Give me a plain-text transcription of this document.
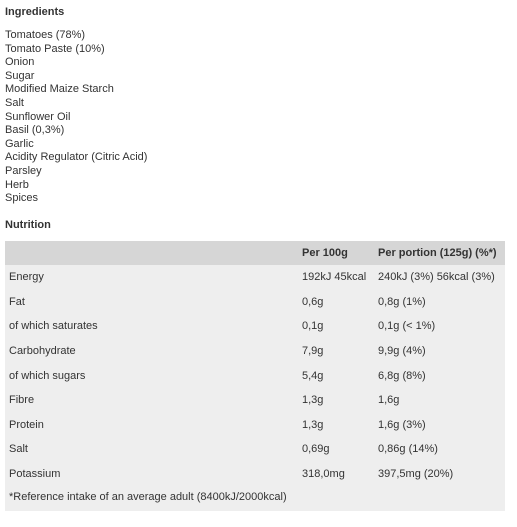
Ingredients
Tomatoes (78%)
Tomato Paste (10%)
Onion
Sugar
Modified Maize Starch
Salt
Sunflower Oil
Basil (0,3%)
Garlic
Acidity Regulator (Citric Acid)
Parsley
Herb
Spices
Nutrition
	Per 100g	Per portion (125g) (%*)
Energy	192kJ 45kcal	240kJ (3%) 56kcal (3%)
Fat	0,6g	0,8g (1%)
of which saturates	0,1g	0,1g (< 1%)
Carbohydrate	7,9g	9,9g (4%)
of which sugars	5,4g	6,8g (8%)
Fibre	1,3g	1,6g
Protein	1,3g	1,6g (3%)
Salt	0,69g	0,86g (14%)
Potassium	318,0mg	397,5mg (20%)
*Reference intake of an average adult (8400kJ/2000kcal)
